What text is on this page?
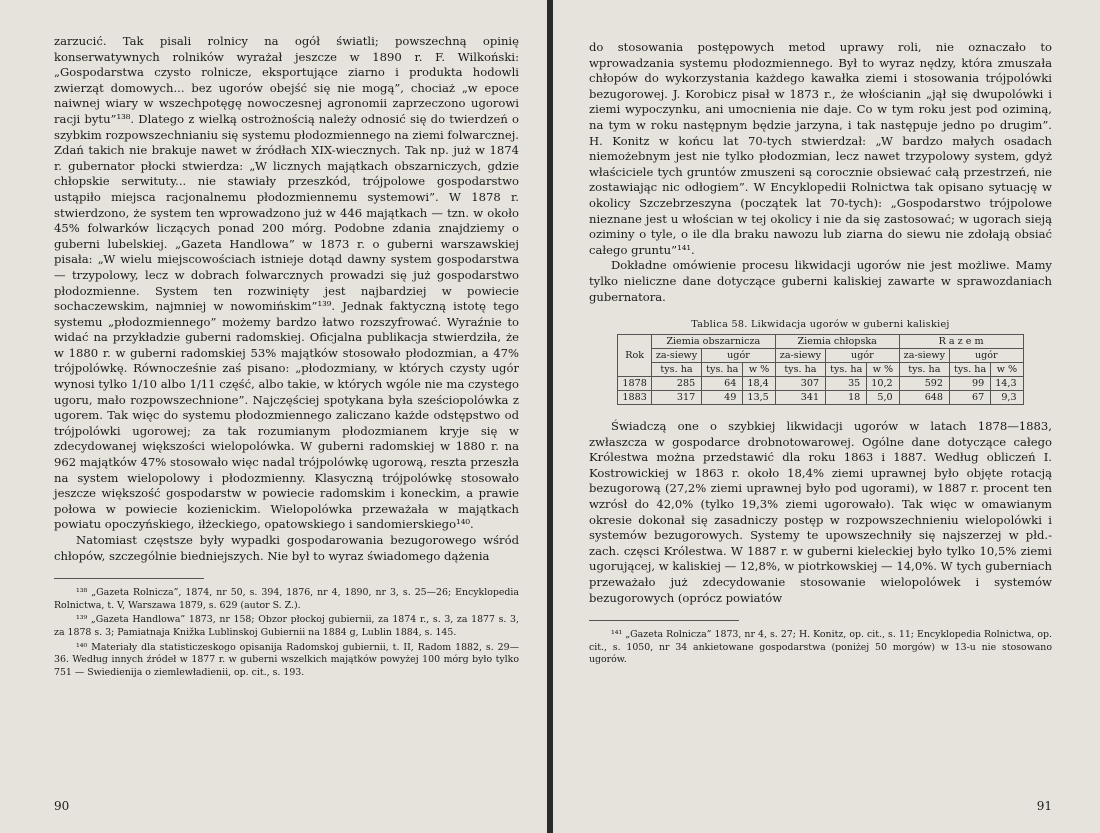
zarzucić. Tak pisali rolnicy na ogół światli; powszechną opinię konserwatywnych rolników wyrażał jeszcze w 1890 r. F. Wilkoński: „Gospodarstwa czysto rolnicze, eksportujące ziarno i produkta hodowli zwierząt domowych... bez ugorów obejść się nie mogą”, chociaż „w epoce naiwnej wiary w wszechpotęgę nowoczesnej agronomii zaprzeczono ugorowi racji bytu”¹³⁸. Dlatego z wielką ostrożnością należy odnosić się do twierdzeń o szybkim rozpowszechnianiu się systemu płodozmiennego na ziemi folwarcznej. Zdań takich nie brakuje nawet w źródłach XIX-wiecznych. Tak np. już w 1874 r. gubernator płocki stwierdza: „W licznych majątkach obszarniczych, gdzie chłopskie serwituty... nie stawiały przeszkód, trójpolowe gospodarstwo ustąpiło miejsca racjonalnemu płodozmiennemu systemowi”. W 1878 r. stwierdzono, że system ten wprowadzono już w 446 majątkach — tzn. w około 45% folwarków liczących ponad 200 mórg. Podobne zdania znajdziemy o guberni lubelskiej. „Gazeta Handlowa” w 1873 r. o guberni warszawskiej pisała: „W wielu miejscowościach istnieje dotąd dawny system gospodarstwa — trzypolowy, lecz w dobrach folwarcznych prowadzi się już gospodarstwo płodozmienne. System ten rozwinięty jest najbardziej w powiecie sochaczewskim, najmniej w nowomińskim”¹³⁹. Jednak faktyczną istotę tego systemu „płodozmiennego” możemy bardzo łatwo rozszyfrować. Wyraźnie to widać na przykładzie guberni radomskiej. Oficjalna publikacja stwierdziła, że w 1880 r. w guberni radomskiej 53% majątków stosowało płodozmian, a 47% trójpolówkę. Równocześnie zaś pisano: „płodozmiany, w których czysty ugór wynosi tylko 1/10 albo 1/11 część, albo takie, w których wgóle nie ma czystego ugoru, mało rozpowszechnione”. Najczęściej spotykana była sześciopolówka z ugorem. Tak więc do systemu płodozmiennego zaliczano każde odstępstwo od trójpolówki ugorowej; za tak rozumianym płodozmianem kryje się w zdecydowanej większości wielopolówka. W guberni radomskiej w 1880 r. na 962 majątków 47% stosowało więc nadal trójpolówkę ugorową, reszta przeszła na system wielopolowy i płodozmienny. Klasyczną trójpolówkę stosowało jeszcze większość gospodarstw w powiecie radomskim i koneckim, a prawie połowa w powiecie kozienickim. Wielopolówka przeważała w majątkach powiatu opoczyńskiego, iłżeckiego, opatowskiego i sandomierskiego¹⁴⁰.

Natomiast częstsze były wypadki gospodarowania bezugorowego wśród chłopów, szczególnie biedniejszych. Nie był to wyraz świadomego dążenia

¹³⁸ „Gazeta Rolnicza”, 1874, nr 50, s. 394, 1876, nr 4, 1890, nr 3, s. 25—26; Encyklopedia Rolnictwa, t. V, Warszawa 1879, s. 629 (autor S. Z.).

¹³⁹ „Gazeta Handlowa” 1873, nr 158; Obzor płockoj gubiernii, za 1874 r., s. 3, za 1877 s. 3, za 1878 s. 3; Pamiatnaja Knižka Lublinskoj Gubiernii na 1884 g, Lublin 1884, s. 145.

¹⁴⁰ Materiały dla statisticzeskogo opisanija Radomskoj gubiernii, t. II, Radom 1882, s. 29—36. Według innych źródeł w 1877 r. w guberni wszelkich majątków powyżej 100 mórg było tylko 751 — Swiedienija o ziemlewładienii, op. cit., s. 193.

90

do stosowania postępowych metod uprawy roli, nie oznaczało to wprowadzania systemu płodozmiennego. Był to wyraz nędzy, która zmuszała chłopów do wykorzystania każdego kawałka ziemi i stosowania trójpolówki bezugorowej. J. Korobicz pisał w 1873 r., że włościanin „jął się dwupolówki i ziemi wypoczynku, ani umocnienia nie daje. Co w tym roku jest pod oziminą, na tym w roku następnym będzie jarzyna, i tak następuje jedno po drugim”. H. Konitz w końcu lat 70-tych stwierdzał: „W bardzo małych osadach niemożebnym jest nie tylko płodozmian, lecz nawet trzypolowy system, gdyż właściciele tych gruntów zmuszeni są corocznie obsiewać całą przestrzeń, nie zostawiając nic odłogiem”. W Encyklopedii Rolnictwa tak opisano sytuację w okolicy Szczebrzeszyna (początek lat 70-tych): „Gospodarstwo trójpolowe nieznane jest u włościan w tej okolicy i nie da się zastosować; w ugorach sieją oziminy o tyle, o ile dla braku nawozu lub ziarna do siewu nie zdołają obsiać całego gruntu”¹⁴¹.

Dokładne omówienie procesu likwidacji ugorów nie jest możliwe. Mamy tylko nieliczne dane dotyczące guberni kaliskiej zawarte w sprawozdaniach gubernatora.

Tablica 58. Likwidacja ugorów w guberni kaliskiej
Rok	Ziemia obszarnicza			Ziemia chłopska			R a z e m		
	za-siewy	ugór		za-siewy	ugór		za-siewy	ugór	
	tys. ha	tys. ha	w %	tys. ha	tys. ha	w %	tys. ha	tys. ha	w %
1878	285	64	18,4	307	35	10,2	592	99	14,3
1883	317	49	13,5	341	18	5,0	648	67	9,3

Świadczą one o szybkiej likwidacji ugorów w latach 1878—1883, zwłaszcza w gospodarce drobnotowarowej. Ogólne dane dotyczące całego Królestwa można przedstawić dla roku 1863 i 1887. Według obliczeń I. Kostrowickiej w 1863 r. około 18,4% ziemi uprawnej było objęte rotacją bezugorową (27,2% ziemi uprawnej było pod ugorami), w 1887 r. procent ten wzrósł do 42,0% (tylko 19,3% ziemi ugorowało). Tak więc w omawianym okresie dokonał się zasadniczy postęp w rozpowszechnieniu wielopolówki i systemów bezugorowych. Systemy te upowszechniły się najszerzej w płd.-zach. częsci Królestwa. W 1887 r. w guberni kieleckiej było tylko 10,5% ziemi ugorującej, w kaliskiej — 12,8%, w piotrkowskiej — 14,0%. W tych guberniach przeważało już zdecydowanie stosowanie wielopolówek i systemów bezugorowych (oprócz powiatów

¹⁴¹ „Gazeta Rolnicza” 1873, nr 4, s. 27; H. Konitz, op. cit., s. 11; Encyklopedia Rolnictwa, op. cit., s. 1050, nr 34 ankietowane gospodarstwa (poniżej 50 morgów) w 13-u nie stosowano ugorów.

91
